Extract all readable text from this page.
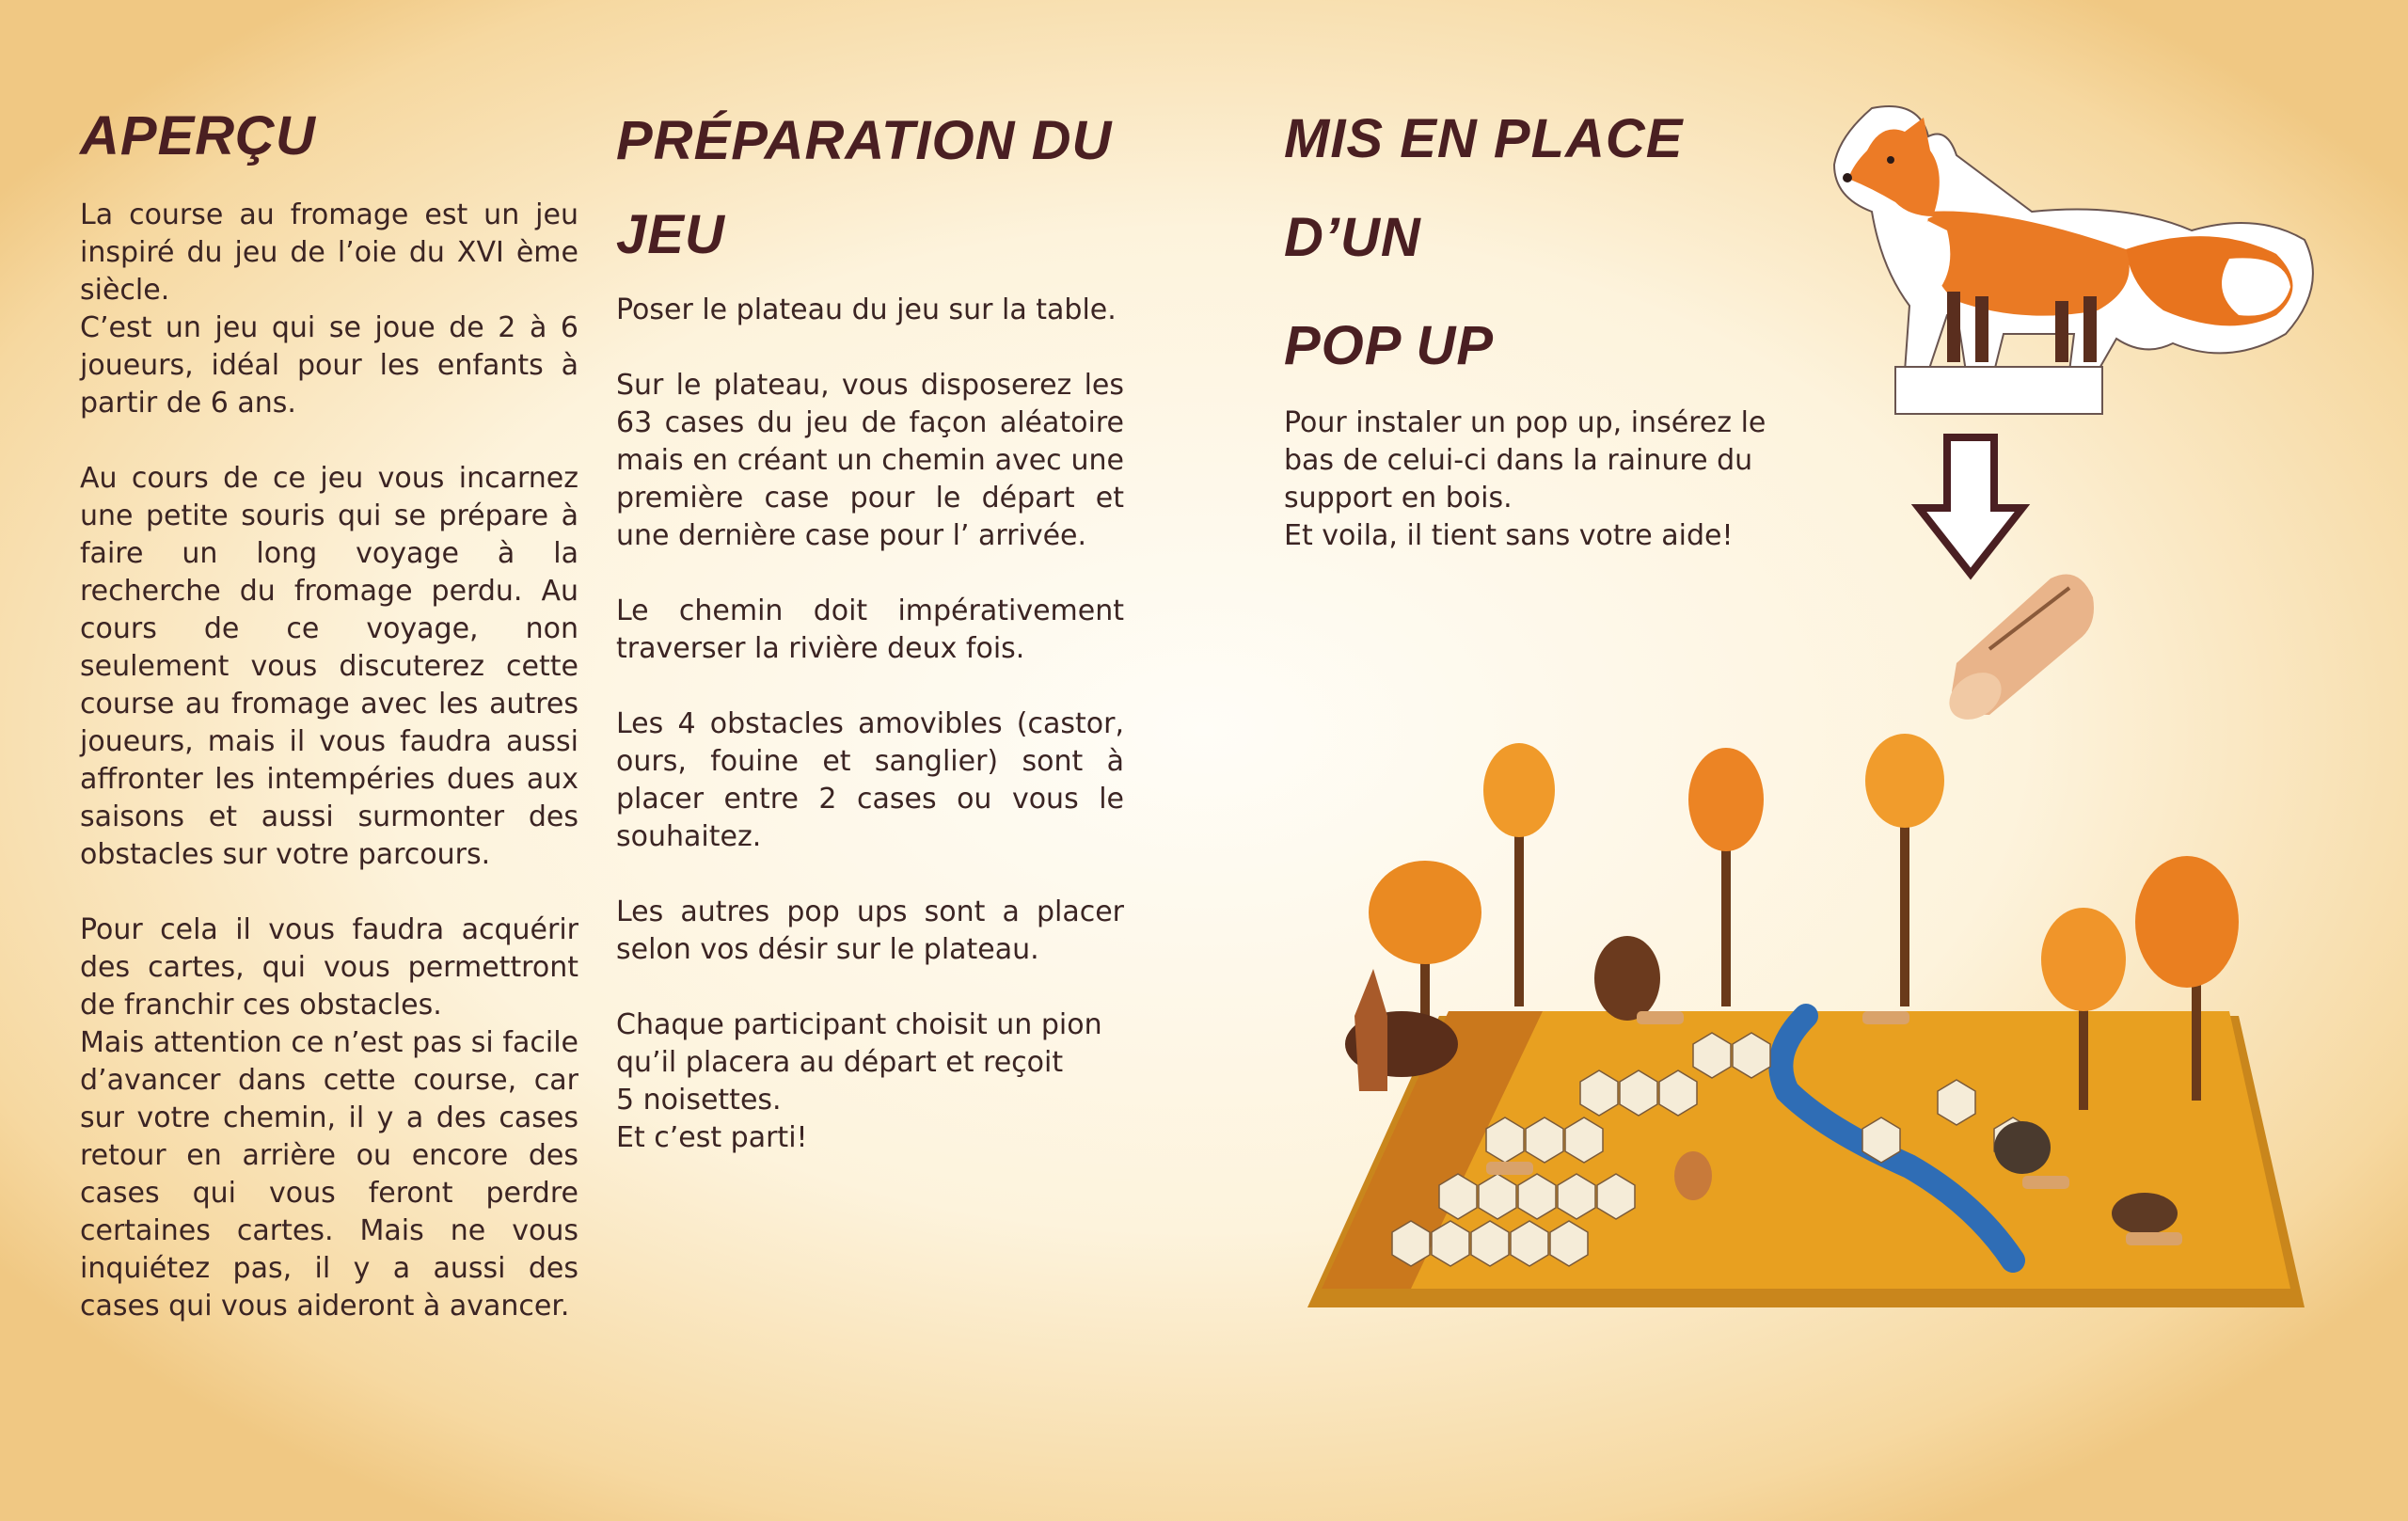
APERÇU

La course au fromage est un jeu inspiré du jeu de l’oie du XVI ème siècle.
C’est un jeu qui se joue de 2 à 6 joueurs, idéal pour les enfants à partir de 6 ans.

Au cours de ce jeu vous incarnez une petite souris qui se prépare à faire un long voyage à la recherche du fromage perdu. Au cours de ce voyage, non seulement vous discuterez cette course au fromage avec les autres joueurs, mais il vous faudra aussi affronter les intempéries dues aux saisons et aussi surmonter des obstacles sur votre parcours.

Pour cela il vous faudra acquérir des cartes, qui vous permettront de franchir ces obstacles.
Mais attention ce n’est pas si facile d’avancer dans cette course, car sur votre chemin, il y a des cases retour en arrière ou encore des cases qui vous feront perdre certaines cartes. Mais ne vous inquiétez pas, il y a aussi des cases qui vous aideront à avancer.

PRÉPARATION DU JEU

Poser le plateau du jeu sur la table.

Sur le plateau, vous disposerez les 63 cases du jeu de façon aléatoire mais en créant un chemin avec une première case pour le départ et une dernière case pour l’ arrivée.

Le chemin doit impérativement traverser la rivière deux fois.

Les 4 obstacles amovibles (castor, ours, fouine et sanglier) sont à placer entre 2 cases ou vous le souhaitez.

Les autres pop ups sont a placer selon vos désir sur le plateau.

Chaque participant choisit un pion qu’il placera au départ et reçoit
5 noisettes.
Et c’est parti!

MIS EN PLACE D’UN
POP UP

Pour instaler un pop up, insérez le bas de celui-ci dans la rainure du support en bois.
Et voila, il tient sans votre aide!
